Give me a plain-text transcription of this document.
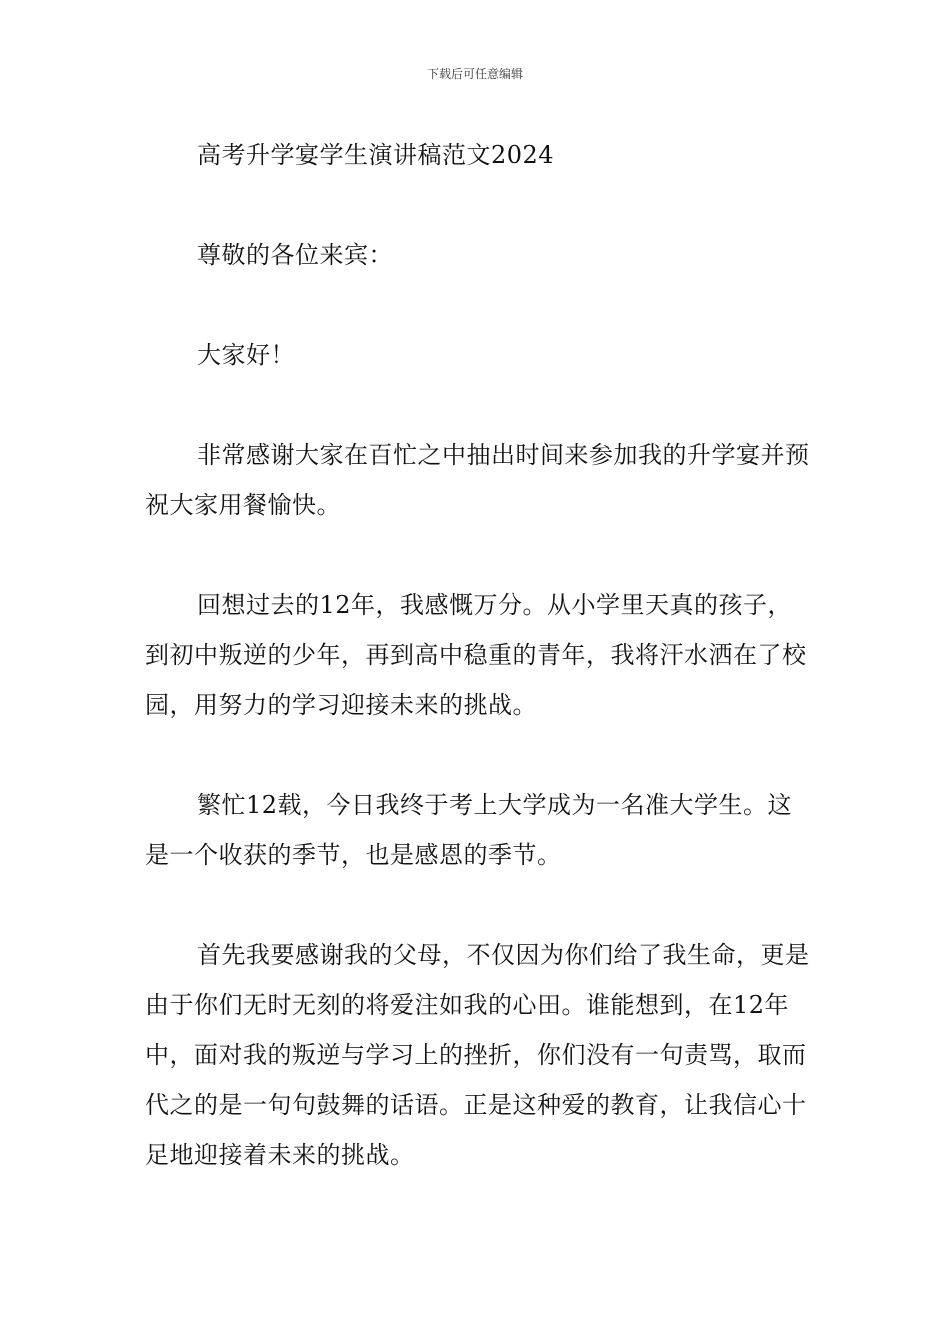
下载后可任意编辑

高考升学宴学生演讲稿范文2024

尊敬的各位来宾：

大家好！

非常感谢大家在百忙之中抽出时间来参加我的升学宴并预祝大家用餐愉快。

回想过去的12年，我感慨万分。从小学里天真的孩子，到初中叛逆的少年，再到高中稳重的青年，我将汗水洒在了校园，用努力的学习迎接未来的挑战。

繁忙12载，今日我终于考上大学成为一名准大学生。这是一个收获的季节，也是感恩的季节。

首先我要感谢我的父母，不仅因为你们给了我生命，更是由于你们无时无刻的将爱注如我的心田。谁能想到，在12年中，面对我的叛逆与学习上的挫折，你们没有一句责骂，取而代之的是一句句鼓舞的话语。正是这种爱的教育，让我信心十足地迎接着未来的挑战。
